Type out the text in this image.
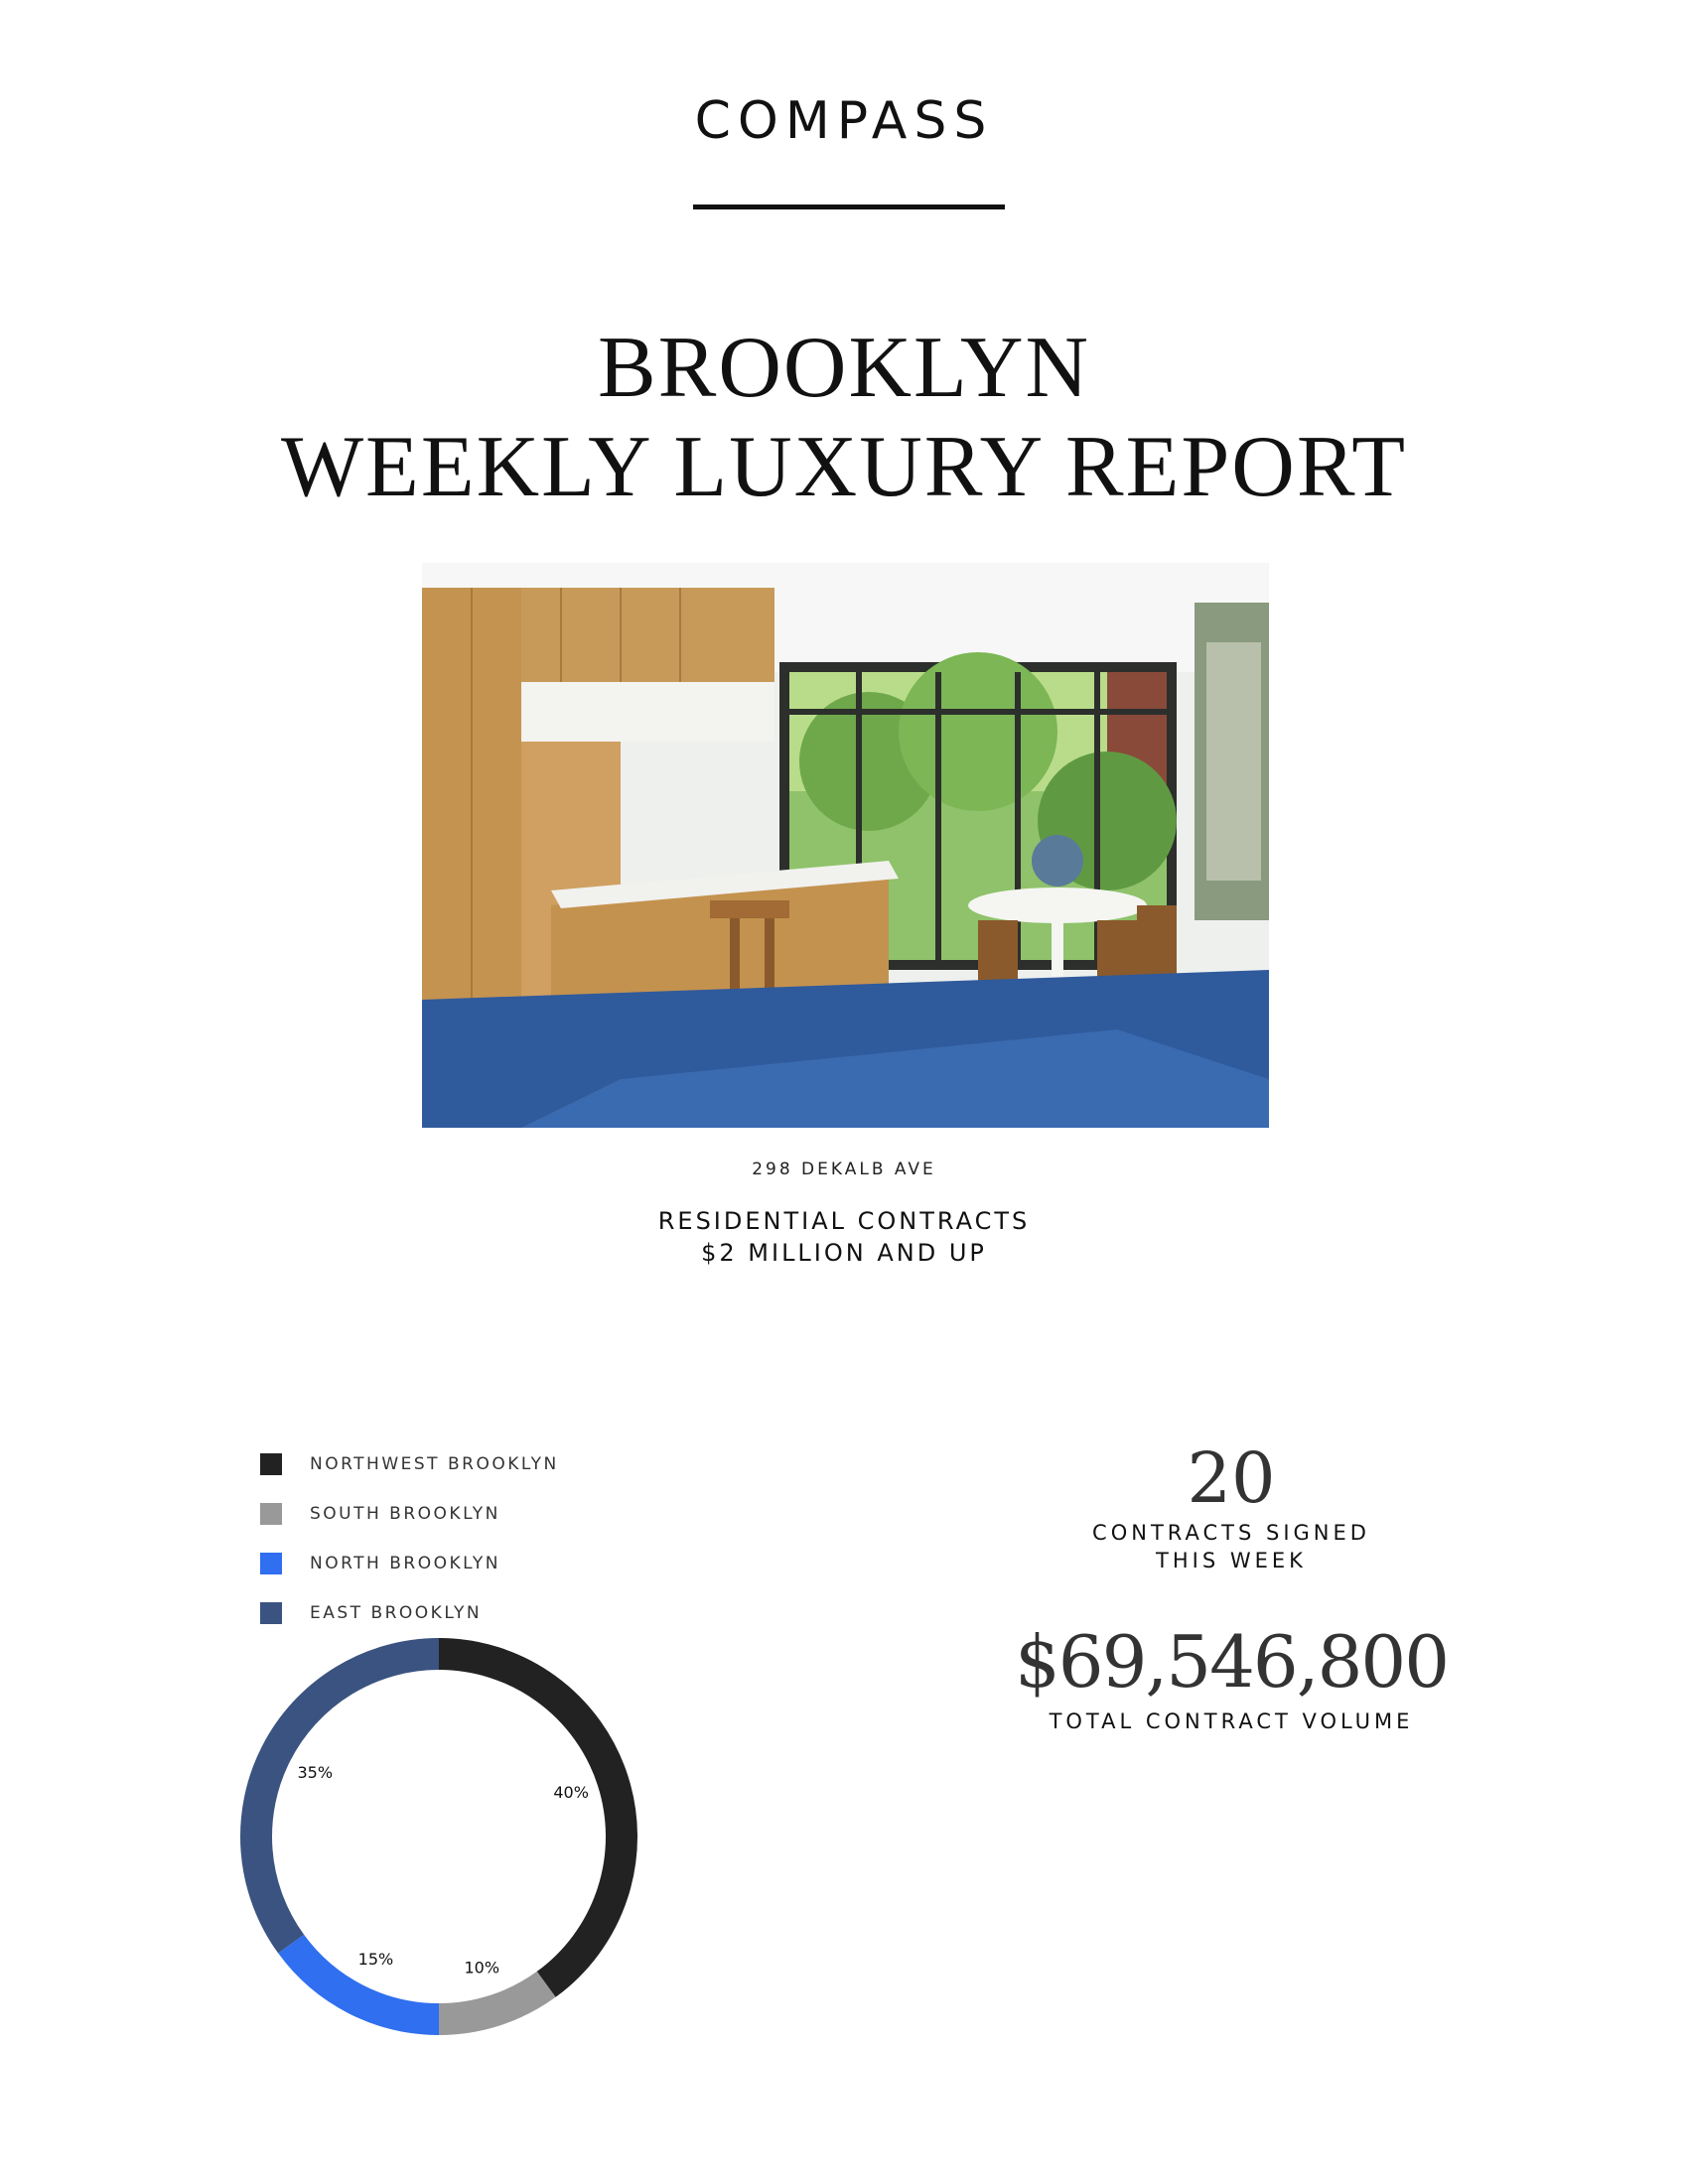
COMPASS
BROOKLYN
WEEKLY LUXURY REPORT
298 DEKALB AVE
RESIDENTIAL CONTRACTS
$2 MILLION AND UP
NORTHWEST BROOKLYN
SOUTH BROOKLYN
NORTH BROOKLYN
EAST BROOKLYN
40%
10%
15%
35%
20
CONTRACTS SIGNED
THIS WEEK
$69,546,800
TOTAL CONTRACT VOLUME
